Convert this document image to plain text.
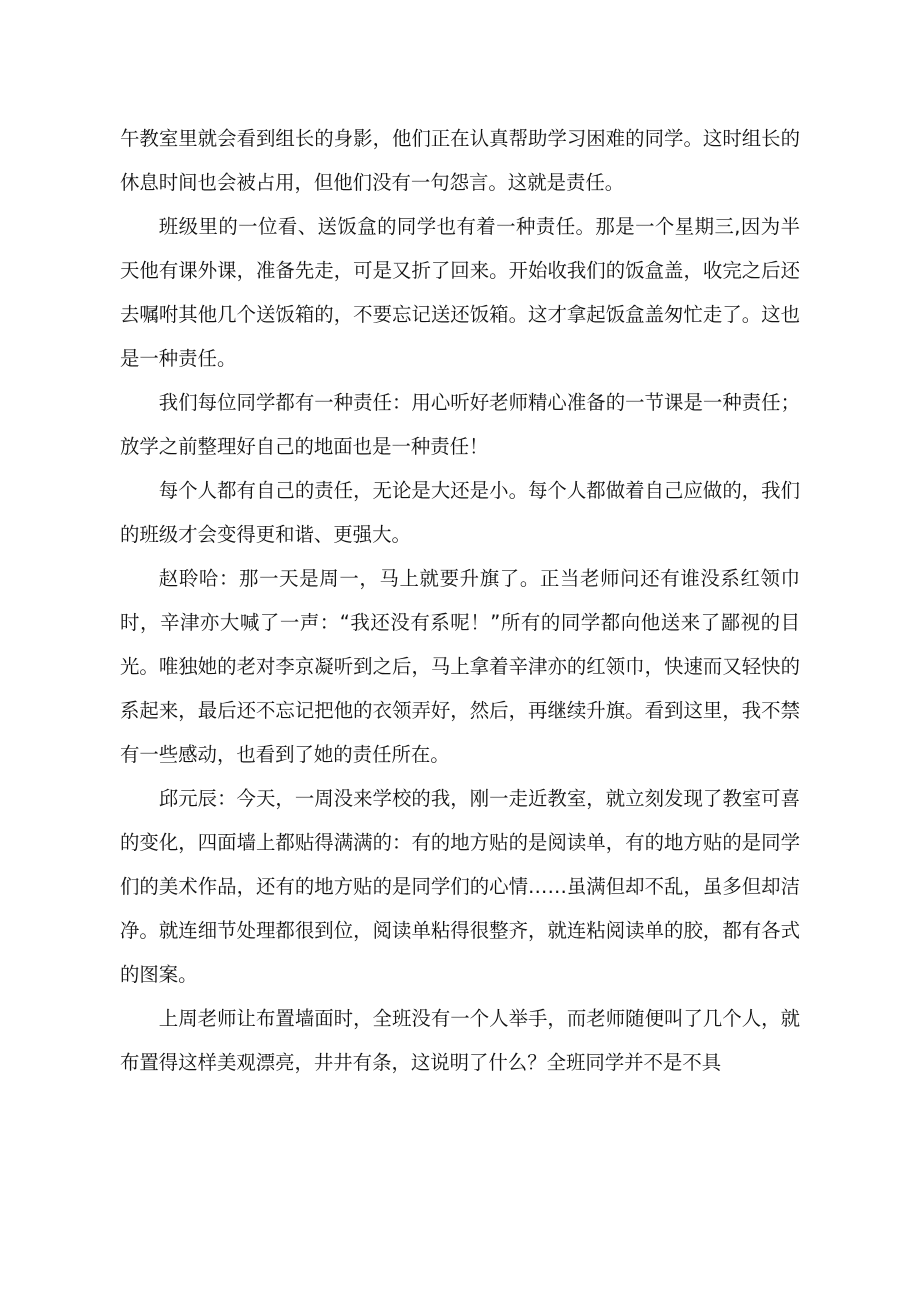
午教室里就会看到组长的身影，他们正在认真帮助学习困难的同学。这时组长的休息时间也会被占用，但他们没有一句怨言。这就是责任。

班级里的一位看、送饭盒的同学也有着一种责任。那是一个星期三,因为半天他有课外课，准备先走，可是又折了回来。开始收我们的饭盒盖，收完之后还去嘱咐其他几个送饭箱的，不要忘记送还饭箱。这才拿起饭盒盖匆忙走了。这也是一种责任。

我们每位同学都有一种责任：用心听好老师精心准备的一节课是一种责任；放学之前整理好自己的地面也是一种责任！

每个人都有自己的责任，无论是大还是小。每个人都做着自己应做的，我们的班级才会变得更和谐、更强大。

赵聆哈：那一天是周一，马上就要升旗了。正当老师问还有谁没系红领巾时，辛津亦大喊了一声：“我还没有系呢！”所有的同学都向他送来了鄙视的目光。唯独她的老对李京凝听到之后，马上拿着辛津亦的红领巾，快速而又轻快的系起来，最后还不忘记把他的衣领弄好，然后，再继续升旗。看到这里，我不禁有一些感动，也看到了她的责任所在。

邱元辰：今天，一周没来学校的我，刚一走近教室，就立刻发现了教室可喜的变化，四面墙上都贴得满满的：有的地方贴的是阅读单，有的地方贴的是同学们的美术作品，还有的地方贴的是同学们的心情……虽满但却不乱，虽多但却洁净。就连细节处理都很到位，阅读单粘得很整齐，就连粘阅读单的胶，都有各式的图案。

上周老师让布置墙面时，全班没有一个人举手，而老师随便叫了几个人，就布置得这样美观漂亮，井井有条，这说明了什么？全班同学并不是不具
